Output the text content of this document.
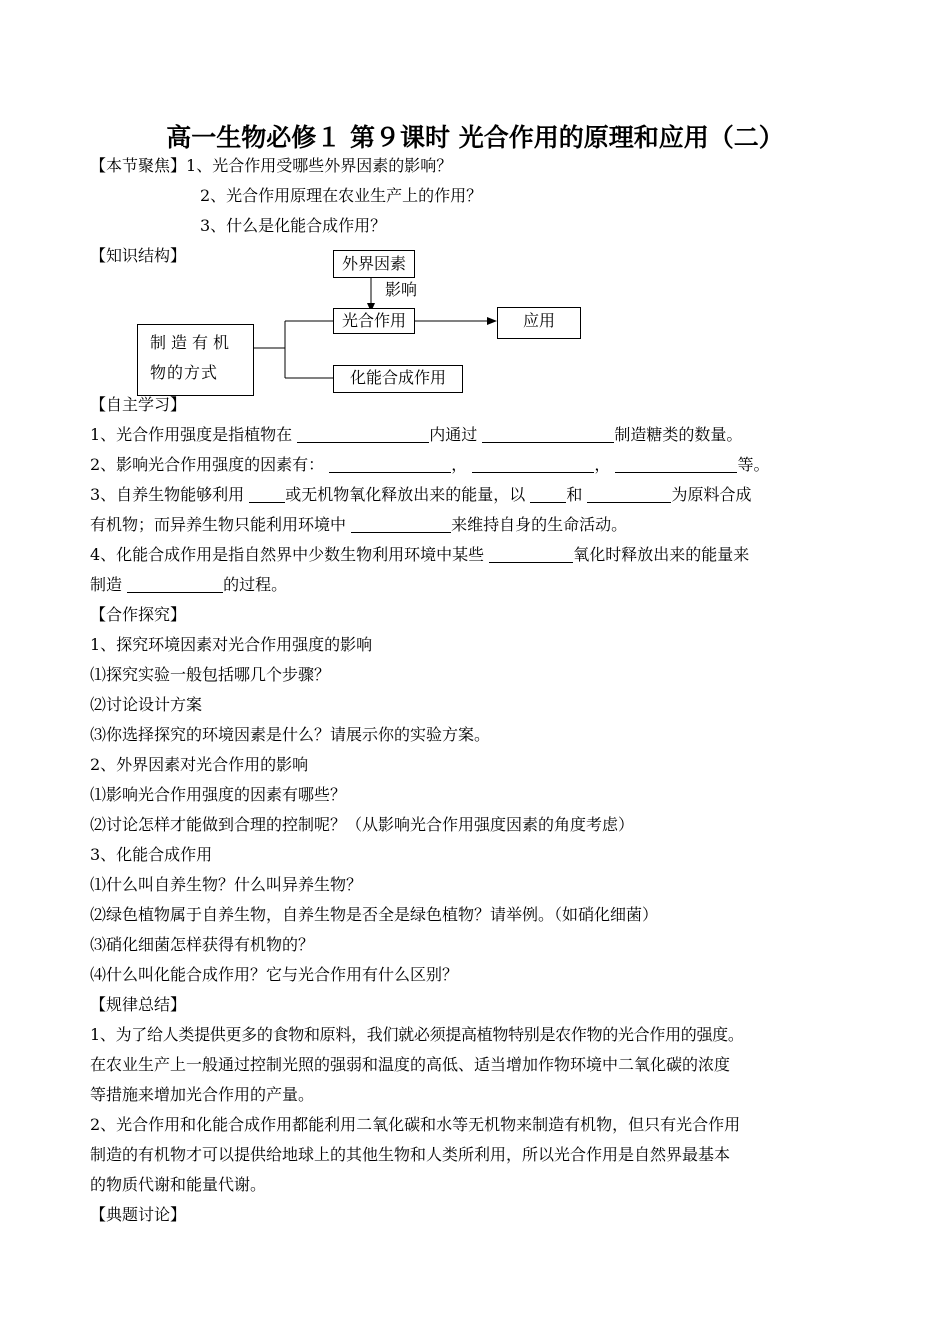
高一生物必修１ 第９课时 光合作用的原理和应用（二）
【本节聚焦】1、光合作用受哪些外界因素的影响？
2、光合作用原理在农业生产上的作用？
3、什么是化能合成作用？
【知识结构】	外界因素
影响
光合作用	应用
制造有机
物的方式	化能合成作用
【自主学习】
1、光合作用强度是指植物在	内通过	制造糖类的数量。
2、影响光合作用强度的因素有：	，	，	等。
3、自养生物能够利用 或无机物氧化释放出来的能量，以 和	为原料合成
有机物；而异养生物只能利用环境中	来维持自身的生命活动。
4、化能合成作用是指自然界中少数生物利用环境中某些	氧化时释放出来的能量来
制造	的过程。
【合作探究】
1、探究环境因素对光合作用强度的影响
⑴探究实验一般包括哪几个步骤？
⑵讨论设计方案
⑶你选择探究的环境因素是什么？请展示你的实验方案。
2、外界因素对光合作用的影响
⑴影响光合作用强度的因素有哪些？
⑵讨论怎样才能做到合理的控制呢？（从影响光合作用强度因素的角度考虑）
3、化能合成作用
⑴什么叫自养生物？什么叫异养生物？
⑵绿色植物属于自养生物，自养生物是否全是绿色植物？请举例。（如硝化细菌）
⑶硝化细菌怎样获得有机物的？
⑷什么叫化能合成作用？它与光合作用有什么区别？
【规律总结】
1、为了给人类提供更多的食物和原料，我们就必须提高植物特别是农作物的光合作用的强度。
在农业生产上一般通过控制光照的强弱和温度的高低、适当增加作物环境中二氧化碳的浓度
等措施来增加光合作用的产量。
2、光合作用和化能合成作用都能利用二氧化碳和水等无机物来制造有机物，但只有光合作用
制造的有机物才可以提供给地球上的其他生物和人类所利用，所以光合作用是自然界最基本
的物质代谢和能量代谢。
【典题讨论】
